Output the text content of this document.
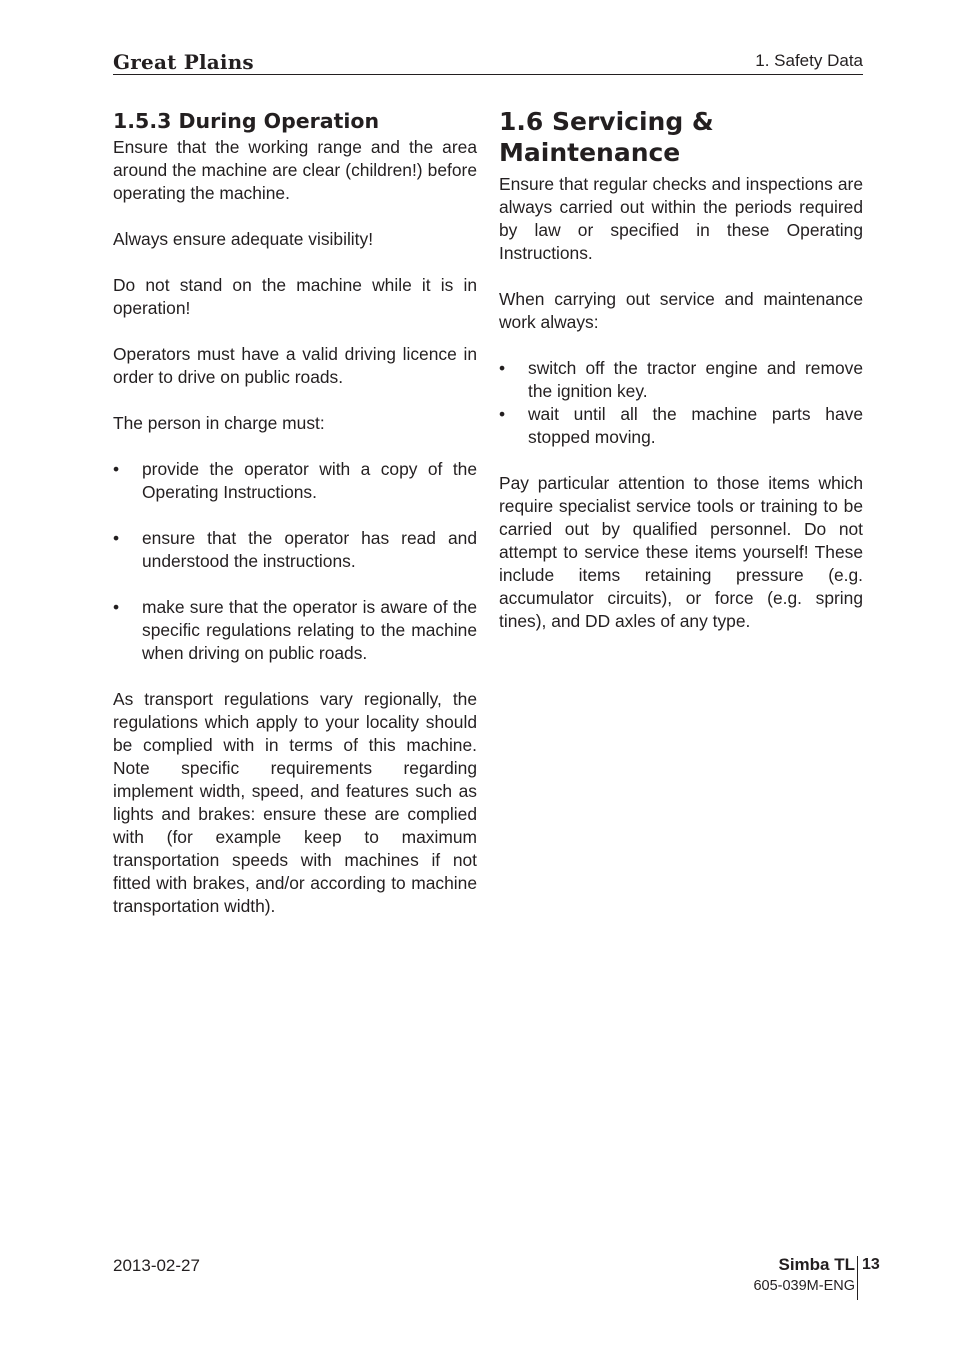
Great Plains	1. Safety Data
1.5.3 During Operation

Ensure that the working range and the area around the machine are clear (children!) before operating the machine.

Always ensure adequate visibility!

Do not stand on the machine while it is in operation!

Operators must have a valid driving licence in order to drive on public roads.

The person in charge must:

• provide the operator with a copy of the Operating Instructions.
• ensure that the operator has read and understood the instructions.
• make sure that the operator is aware of the specific regulations relating to the machine when driving on public roads.

As transport regulations vary regionally, the regulations which apply to your locality should be complied with in terms of this machine. Note specific requirements regarding implement width, speed, and features such as lights and brakes: ensure these are complied with (for example keep to maximum transportation speeds with machines if not fitted with brakes, and/or according to machine transportation width).

1.6 Servicing & Maintenance

Ensure that regular checks and inspections are always carried out within the periods required by law or specified in these Operating Instructions.

When carrying out service and maintenance work always:

• switch off the tractor engine and remove the ignition key.
• wait until all the machine parts have stopped moving.

Pay particular attention to those items which require specialist service tools or training to be carried out by qualified personnel. Do not attempt to service these items yourself! These include items retaining pressure (e.g. accumulator circuits), or force (e.g. spring tines), and DD axles of any type.

2013-02-27	Simba TL
605-039M-ENG
13
